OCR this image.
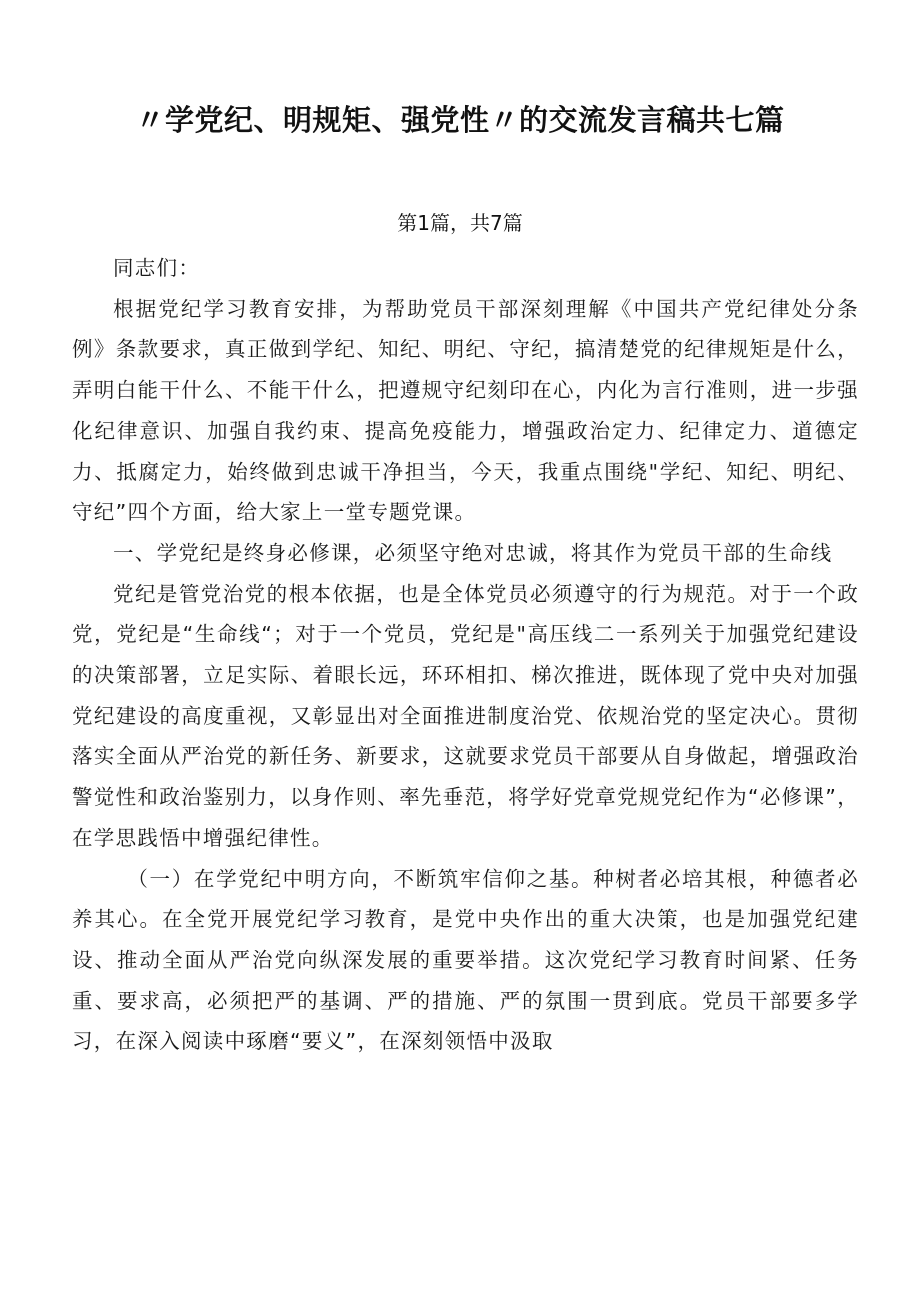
〃学党纪、明规矩、强党性〃的交流发言稿共七篇
第1篇，共7篇

同志们：

根据党纪学习教育安排，为帮助党员干部深刻理解《中国共产党纪律处分条例》条款要求，真正做到学纪、知纪、明纪、守纪，搞清楚党的纪律规矩是什么，弄明白能干什么、不能干什么，把遵规守纪刻印在心，内化为言行准则，进一步强化纪律意识、加强自我约束、提高免疫能力，增强政治定力、纪律定力、道德定力、抵腐定力，始终做到忠诚干净担当，今天，我重点围绕"学纪、知纪、明纪、守纪”四个方面，给大家上一堂专题党课。

一、学党纪是终身必修课，必须坚守绝对忠诚，将其作为党员干部的生命线

党纪是管党治党的根本依据，也是全体党员必须遵守的行为规范。对于一个政党，党纪是“生命线“；对于一个党员，党纪是"高压线二一系列关于加强党纪建设的决策部署，立足实际、着眼长远，环环相扣、梯次推进，既体现了党中央对加强党纪建设的高度重视，又彰显出对全面推进制度治党、依规治党的坚定决心。贯彻落实全面从严治党的新任务、新要求，这就要求党员干部要从自身做起，增强政治警觉性和政治鉴别力，以身作则、率先垂范，将学好党章党规党纪作为“必修课”，在学思践悟中增强纪律性。

（一）在学党纪中明方向，不断筑牢信仰之基。种树者必培其根，种德者必养其心。在全党开展党纪学习教育，是党中央作出的重大决策，也是加强党纪建设、推动全面从严治党向纵深发展的重要举措。这次党纪学习教育时间紧、任务重、要求高，必须把严的基调、严的措施、严的氛围一贯到底。党员干部要多学习，在深入阅读中琢磨“要义”，在深刻领悟中汲取
